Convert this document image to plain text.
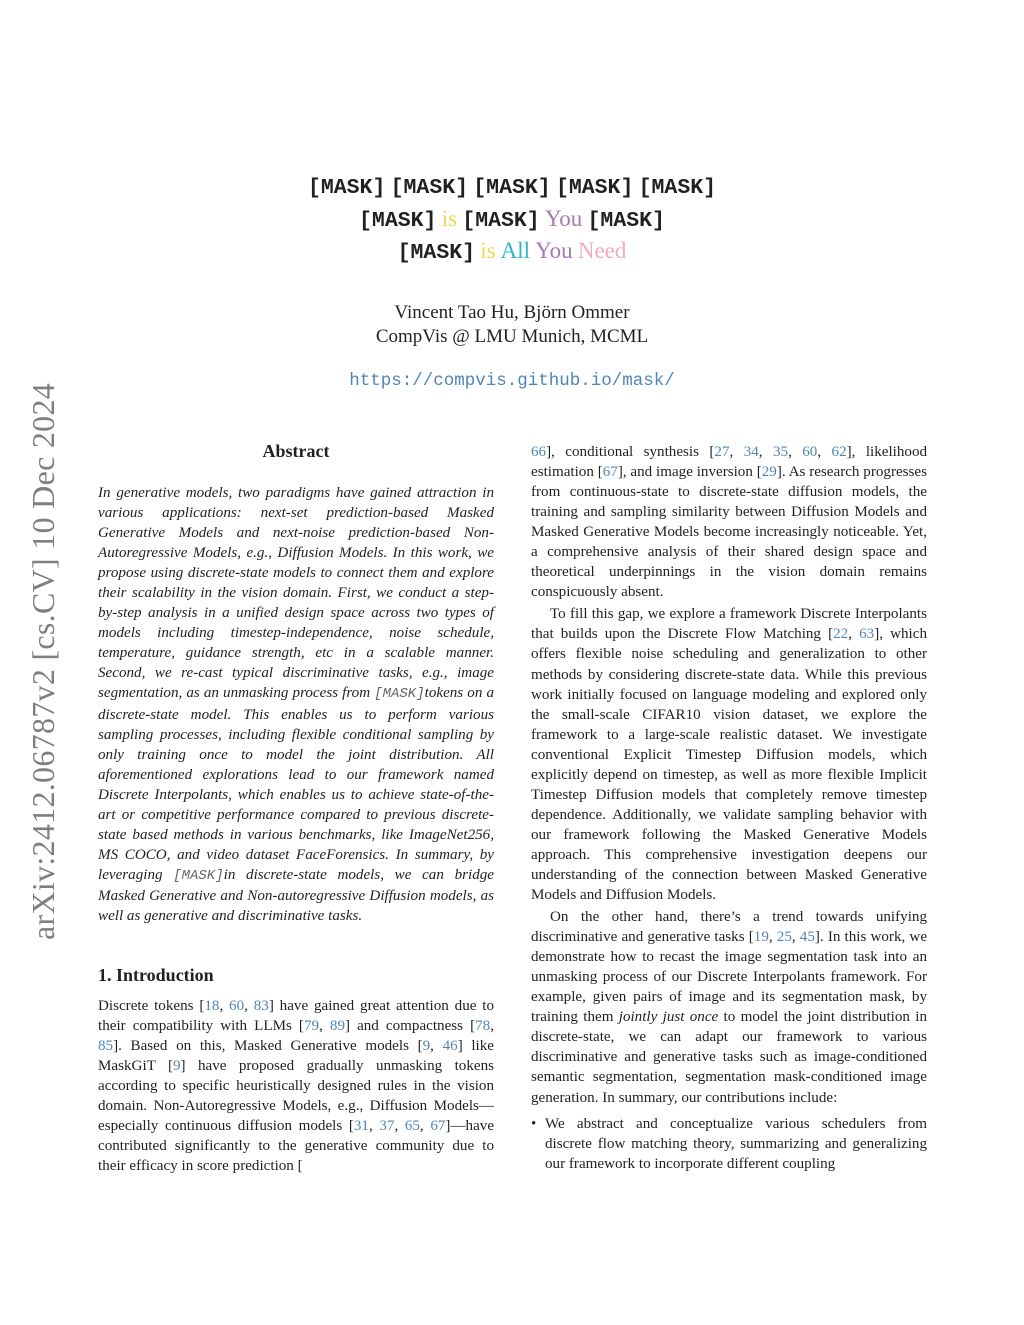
arXiv:2412.06787v2 [cs.CV] 10 Dec 2024
[MASK] [MASK] [MASK] [MASK] [MASK]
[MASK] is [MASK] You [MASK]
[MASK] is All You Need
Vincent Tao Hu, Björn Ommer
CompVis @ LMU Munich, MCML
https://compvis.github.io/mask/
Abstract

In generative models, two paradigms have gained attraction in various applications: next-set prediction-based Masked Generative Models and next-noise prediction-based Non-Autoregressive Models, e.g., Diffusion Models. In this work, we propose using discrete-state models to connect them and explore their scalability in the vision domain. First, we conduct a step-by-step analysis in a unified design space across two types of models including timestep-independence, noise schedule, temperature, guidance strength, etc in a scalable manner. Second, we re-cast typical discriminative tasks, e.g., image segmentation, as an unmasking process from [MASK]tokens on a discrete-state model. This enables us to perform various sampling processes, including flexible conditional sampling by only training once to model the joint distribution. All aforementioned explorations lead to our framework named Discrete Interpolants, which enables us to achieve state-of-the-art or competitive performance compared to previous discrete-state based methods in various benchmarks, like ImageNet256, MS COCO, and video dataset FaceForensics. In summary, by leveraging [MASK]in discrete-state models, we can bridge Masked Generative and Non-autoregressive Diffusion models, as well as generative and discriminative tasks.

1. Introduction

Discrete tokens [18, 60, 83] have gained great attention due to their compatibility with LLMs [79, 89] and compactness [78, 85]. Based on this, Masked Generative models [9, 46] like MaskGiT [9] have proposed gradually unmasking tokens according to specific heuristically designed rules in the vision domain. Non-Autoregressive Models, e.g., Diffusion Models—especially continuous diffusion models [31, 37, 65, 67]—have contributed significantly to the generative community due to their efficacy in score prediction [

66], conditional synthesis [27, 34, 35, 60, 62], likelihood estimation [67], and image inversion [29]. As research progresses from continuous-state to discrete-state diffusion models, the training and sampling similarity between Diffusion Models and Masked Generative Models become increasingly noticeable. Yet, a comprehensive analysis of their shared design space and theoretical underpinnings in the vision domain remains conspicuously absent.

To fill this gap, we explore a framework Discrete Interpolants that builds upon the Discrete Flow Matching [22, 63], which offers flexible noise scheduling and generalization to other methods by considering discrete-state data. While this previous work initially focused on language modeling and explored only the small-scale CIFAR10 vision dataset, we explore the framework to a large-scale realistic dataset. We investigate conventional Explicit Timestep Diffusion models, which explicitly depend on timestep, as well as more flexible Implicit Timestep Diffusion models that completely remove timestep dependence. Additionally, we validate sampling behavior with our framework following the Masked Generative Models approach. This comprehensive investigation deepens our understanding of the connection between Masked Generative Models and Diffusion Models.

On the other hand, there’s a trend towards unifying discriminative and generative tasks [19, 25, 45]. In this work, we demonstrate how to recast the image segmentation task into an unmasking process of our Discrete Interpolants framework. For example, given pairs of image and its segmentation mask, by training them jointly just once to model the joint distribution in discrete-state, we can adapt our framework to various discriminative and generative tasks such as image-conditioned semantic segmentation, segmentation mask-conditioned image generation. In summary, our contributions include:

• We abstract and conceptualize various schedulers from discrete flow matching theory, summarizing and generalizing our framework to incorporate different coupling
